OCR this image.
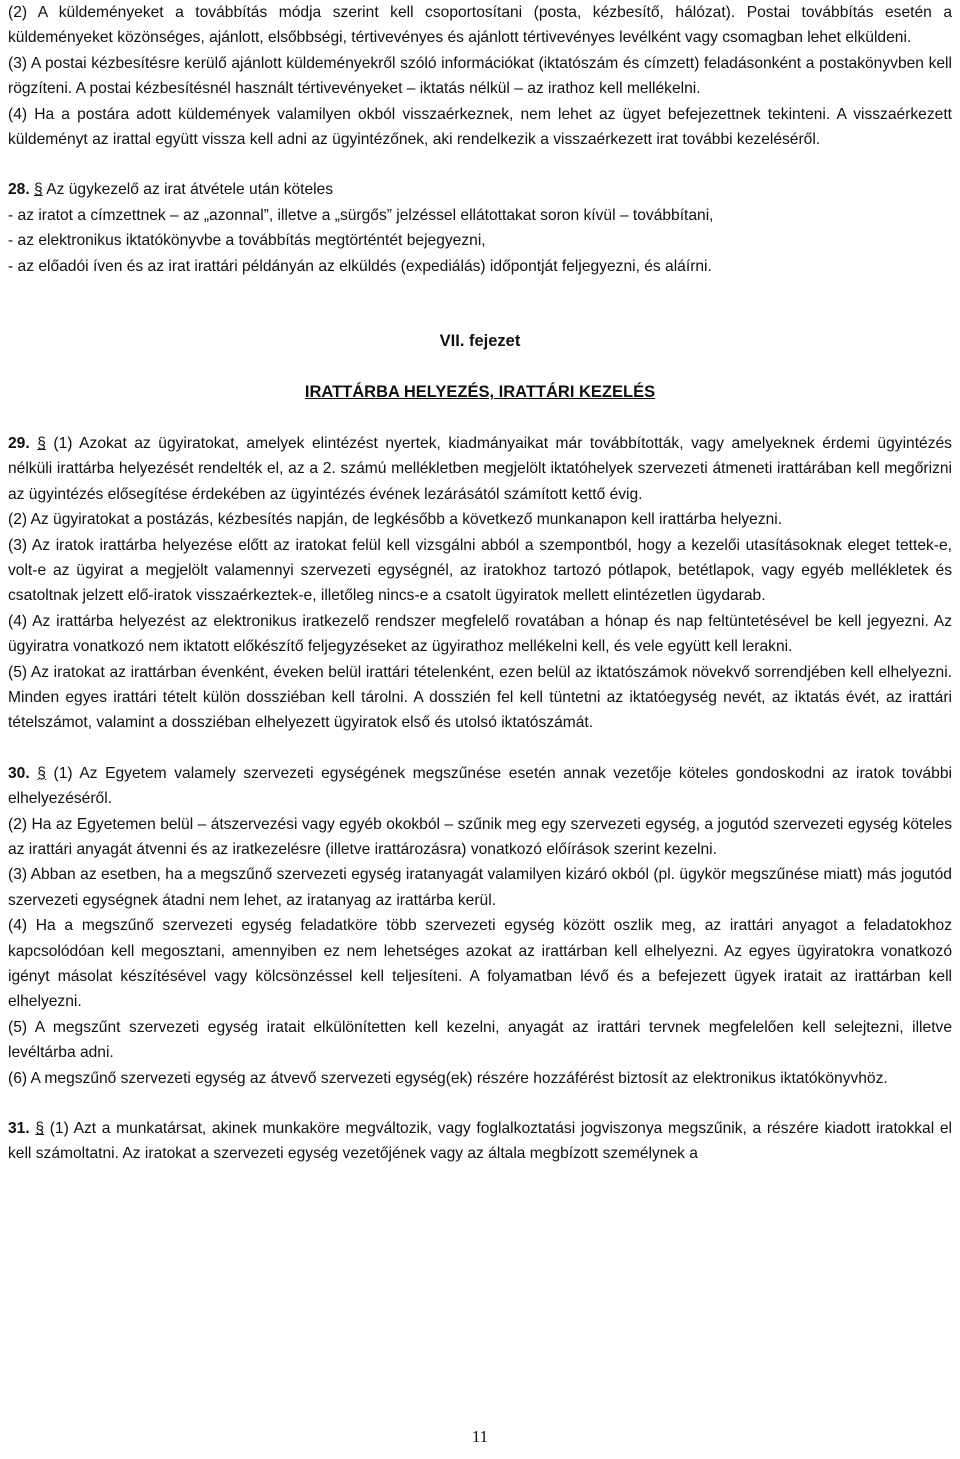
(2) A küldeményeket a továbbítás módja szerint kell csoportosítani (posta, kézbesítő, hálózat). Postai továbbítás esetén a küldeményeket közönséges, ajánlott, elsőbbségi, tértivevényes és ajánlott tértivevényes levélként vagy csomagban lehet elküldeni.

(3) A postai kézbesítésre kerülő ajánlott küldeményekről szóló információkat (iktatószám és címzett) feladásonként a postakönyvben kell rögzíteni. A postai kézbesítésnél használt tértivevényeket – iktatás nélkül – az irathoz kell mellékelni.

(4) Ha a postára adott küldemények valamilyen okból visszaérkeznek, nem lehet az ügyet befejezettnek tekinteni. A visszaérkezett küldeményt az irattal együtt vissza kell adni az ügyintézőnek, aki rendelkezik a visszaérkezett irat további kezeléséről.

28. § Az ügykezelő az irat átvétele után köteles

- az iratot a címzettnek – az „azonnal”, illetve a „sürgős” jelzéssel ellátottakat soron kívül – továbbítani,

- az elektronikus iktatókönyvbe a továbbítás megtörténtét bejegyezni,

- az előadói íven és az irat irattári példányán az elküldés (expediálás) időpontját feljegyezni, és aláírni.

VII. fejezet

IRATTÁRBA HELYEZÉS, IRATTÁRI KEZELÉS

29. § (1) Azokat az ügyiratokat, amelyek elintézést nyertek, kiadmányaikat már továbbították, vagy amelyeknek érdemi ügyintézés nélküli irattárba helyezését rendelték el, az a 2. számú mellékletben megjelölt iktatóhelyek szervezeti átmeneti irattárában kell megőrizni az ügyintézés elősegítése érdekében az ügyintézés évének lezárásától számított kettő évig.

(2) Az ügyiratokat a postázás, kézbesítés napján, de legkésőbb a következő munkanapon kell irattárba helyezni.

(3) Az iratok irattárba helyezése előtt az iratokat felül kell vizsgálni abból a szempontból, hogy a kezelői utasításoknak eleget tettek-e, volt-e az ügyirat a megjelölt valamennyi szervezeti egységnél, az iratokhoz tartozó pótlapok, betétlapok, vagy egyéb mellékletek és csatoltnak jelzett elő-iratok visszaérkeztek-e, illetőleg nincs-e a csatolt ügyiratok mellett elintézetlen ügydarab.

(4) Az irattárba helyezést az elektronikus iratkezelő rendszer megfelelő rovatában a hónap és nap feltüntetésével be kell jegyezni. Az ügyiratra vonatkozó nem iktatott előkészítő feljegyzéseket az ügyirathoz mellékelni kell, és vele együtt kell lerakni.

(5) Az iratokat az irattárban évenként, éveken belül irattári tételenként, ezen belül az iktatószámok növekvő sorrendjében kell elhelyezni. Minden egyes irattári tételt külön dossziéban kell tárolni. A dosszién fel kell tüntetni az iktatóegység nevét, az iktatás évét, az irattári tételszámot, valamint a dossziéban elhelyezett ügyiratok első és utolsó iktatószámát.

30. § (1) Az Egyetem valamely szervezeti egységének megszűnése esetén annak vezetője köteles gondoskodni az iratok további elhelyezéséről.

(2) Ha az Egyetemen belül – átszervezési vagy egyéb okokból – szűnik meg egy szervezeti egység, a jogutód szervezeti egység köteles az irattári anyagát átvenni és az iratkezelésre (illetve irattározásra) vonatkozó előírások szerint kezelni.

(3) Abban az esetben, ha a megszűnő szervezeti egység iratanyagát valamilyen kizáró okból (pl. ügykör megszűnése miatt) más jogutód szervezeti egységnek átadni nem lehet, az iratanyag az irattárba kerül.

(4) Ha a megszűnő szervezeti egység feladatköre több szervezeti egység között oszlik meg, az irattári anyagot a feladatokhoz kapcsolódóan kell megosztani, amennyiben ez nem lehetséges azokat az irattárban kell elhelyezni. Az egyes ügyiratokra vonatkozó igényt másolat készítésével vagy kölcsönzéssel kell teljesíteni. A folyamatban lévő és a befejezett ügyek iratait az irattárban kell elhelyezni.

(5) A megszűnt szervezeti egység iratait elkülönítetten kell kezelni, anyagát az irattári tervnek megfelelően kell selejtezni, illetve levéltárba adni.

(6) A megszűnő szervezeti egység az átvevő szervezeti egység(ek) részére hozzáférést biztosít az elektronikus iktatókönyvhöz.

31. § (1) Azt a munkatársat, akinek munkaköre megváltozik, vagy foglalkoztatási jogviszonya megszűnik, a részére kiadott iratokkal el kell számoltatni. Az iratokat a szervezeti egység vezetőjének vagy az általa megbízott személynek a

11
